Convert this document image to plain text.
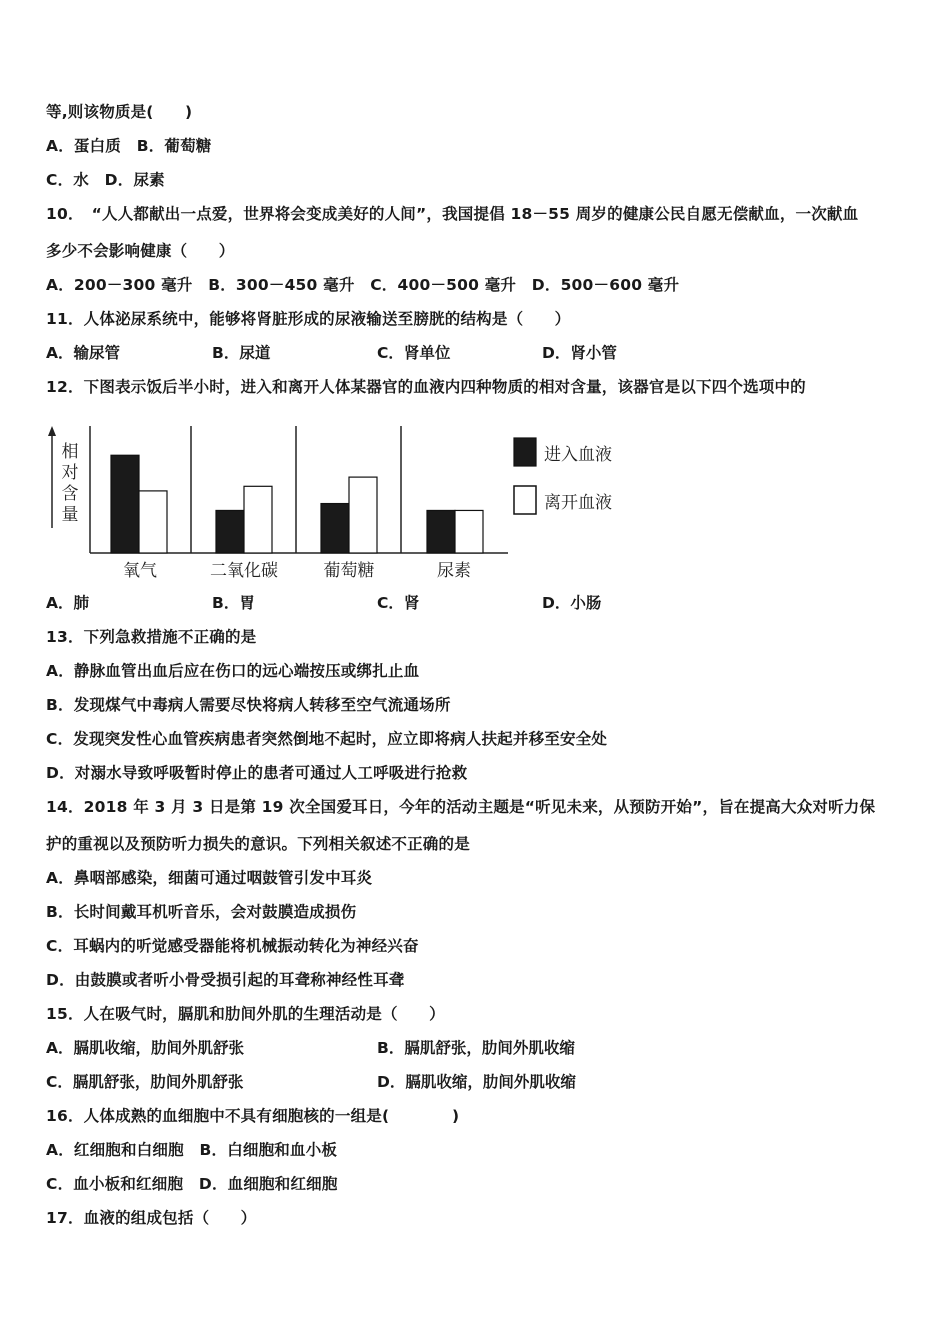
等,则该物质是(　　)
A．蛋白质　B．葡萄糖
C．水　D．尿素
10．　“人人都献出一点爱，世界将会变成美好的人间”，我国提倡 18－55 周岁的健康公民自愿无偿献血，一次献血
多少不会影响健康（　　）
A．200－300 毫升　B．300－450 毫升　C．400－500 毫升　D．500－600 毫升
11．人体泌尿系统中，能够将肾脏形成的尿液输送至膀胱的结构是（　　）
A．输尿管	B．尿道	C．肾单位	D．肾小管
12．下图表示饭后半小时，进入和离开人体某器官的血液内四种物质的相对含量，该器官是以下四个选项中的
相对含量
氧气	二氧化碳	葡萄糖	尿素
进入血液
离开血液
A．肺	B．胃	C．肾	D．小肠
13．下列急救措施不正确的是
A．静脉血管出血后应在伤口的远心端按压或绑扎止血
B．发现煤气中毒病人需要尽快将病人转移至空气流通场所
C．发现突发性心血管疾病患者突然倒地不起时，应立即将病人扶起并移至安全处
D．对溺水导致呼吸暂时停止的患者可通过人工呼吸进行抢救
14．2018 年 3 月 3 日是第 19 次全国爱耳日，今年的活动主题是“听见未来，从预防开始”，旨在提高大众对听力保
护的重视以及预防听力损失的意识。下列相关叙述不正确的是
A．鼻咽部感染，细菌可通过咽鼓管引发中耳炎
B．长时间戴耳机听音乐，会对鼓膜造成损伤
C．耳蜗内的听觉感受器能将机械振动转化为神经兴奋
D．由鼓膜或者听小骨受损引起的耳聋称神经性耳聋
15．人在吸气时，膈肌和肋间外肌的生理活动是（　　）
A．膈肌收缩，肋间外肌舒张	B．膈肌舒张，肋间外肌收缩
C．膈肌舒张，肋间外肌舒张	D．膈肌收缩，肋间外肌收缩
16．人体成熟的血细胞中不具有细胞核的一组是(　　　　)
A．红细胞和白细胞　B．白细胞和血小板
C．血小板和红细胞　D．血细胞和红细胞
17．血液的组成包括（　　）
